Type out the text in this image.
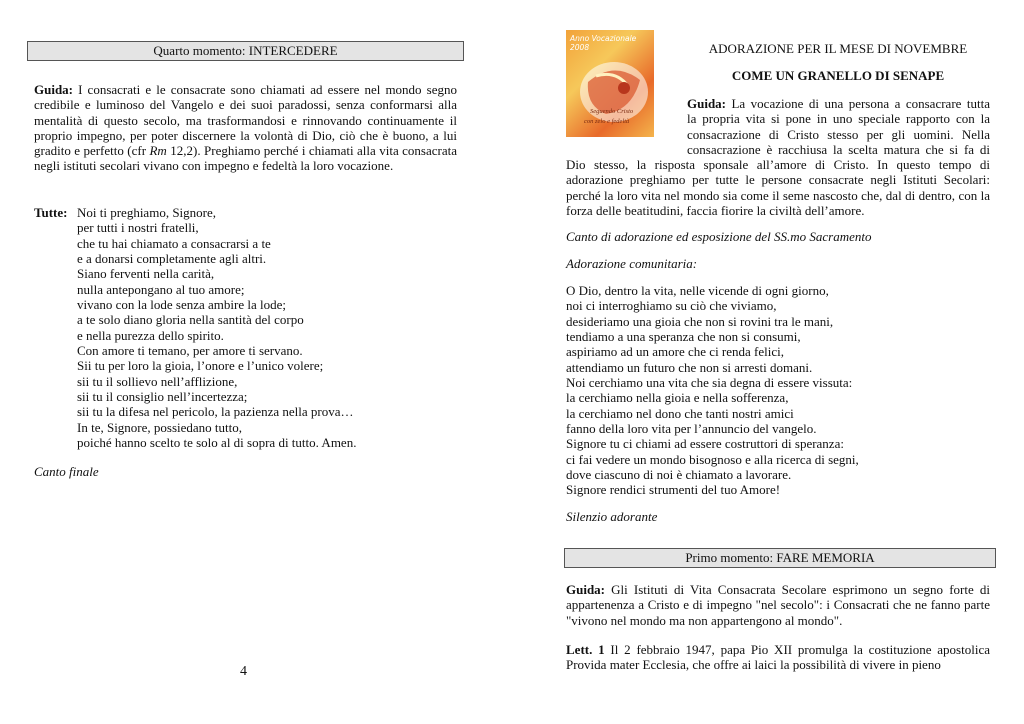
Quarto momento: INTERCEDERE

Guida: I consacrati e le consacrate sono chiamati ad essere nel mondo segno credibile e luminoso del Vangelo e dei suoi paradossi, senza conformarsi alla mentalità di questo secolo, ma trasformandosi e rinnovando continuamente il proprio impegno, per poter discernere la volontà di Dio, ciò che è buono, a lui gradito e perfetto (cfr Rm 12,2). Preghiamo perché i chiamati alla vita consacrata negli istituti secolari vivano con impegno e fedeltà la loro vocazione.

Tutte: Noi ti preghiamo, Signore,
per tutti i nostri fratelli,
che tu hai chiamato a consacrarsi a te
e a donarsi completamente agli altri.
Siano ferventi nella carità,
nulla antepongano al tuo amore;
vivano con la lode senza ambire la lode;
a te solo diano gloria nella santità del corpo
e nella purezza dello spirito.
Con amore ti temano, per amore ti servano.
Sii tu per loro la gioia, l’onore e l’unico volere;
sii tu il sollievo nell’afflizione,
sii tu il consiglio nell’incertezza;
sii tu la difesa nel pericolo, la pazienza nella prova…
In te, Signore, possiedano tutto,
poiché hanno scelto te solo al di sopra di tutto. Amen.
Canto finale
4
Anno Vocazionale 2008
Seguendo Cristo
con zelo e fedeltà
ADORAZIONE PER IL MESE DI NOVEMBRE
COME UN GRANELLO DI SENAPE
Guida: La vocazione di una persona a consacrare tutta
la propria vita si pone in uno speciale rapporto con la
consacrazione di Cristo stesso per gli uomini. Nella
consacrazione è racchiusa la scelta matura che si fa di

Dio stesso, la risposta sponsale all’amore di Cristo. In questo tempo di adorazione preghiamo per tutte le persone consacrate negli Istituti Secolari: perché la loro vita nel mondo sia come il seme nascosto che, dal di dentro, con la forza delle beatitudini, faccia fiorire la civiltà dell’amore.

Canto di adorazione ed esposizione del SS.mo Sacramento
Adorazione comunitaria:
O Dio, dentro la vita, nelle vicende di ogni giorno,
noi ci interroghiamo su ciò che viviamo,
desideriamo una gioia che non si rovini tra le mani,
tendiamo a una speranza che non si consumi,
aspiriamo ad un amore che ci renda felici,
attendiamo un futuro che non si arresti domani.
Noi cerchiamo una vita che sia degna di essere vissuta:
la cerchiamo nella gioia e nella sofferenza,
la cerchiamo nel dono che tanti nostri amici
fanno della loro vita per l’annuncio del vangelo.
Signore tu ci chiami ad essere costruttori di speranza:
ci fai vedere un mondo bisognoso e alla ricerca di segni,
dove ciascuno di noi è chiamato a lavorare.
Signore rendici strumenti del tuo Amore!
Silenzio adorante
Primo momento: FARE MEMORIA

Guida: Gli Istituti di Vita Consacrata Secolare esprimono un segno forte di appartenenza a Cristo e di impegno "nel secolo": i Consacrati che ne fanno parte "vivono nel mondo ma non appartengono al mondo".

Lett. 1 Il 2 febbraio 1947, papa Pio XII promulga la costituzione apostolica Provida mater Ecclesia, che offre ai laici la possibilità di vivere in pieno
